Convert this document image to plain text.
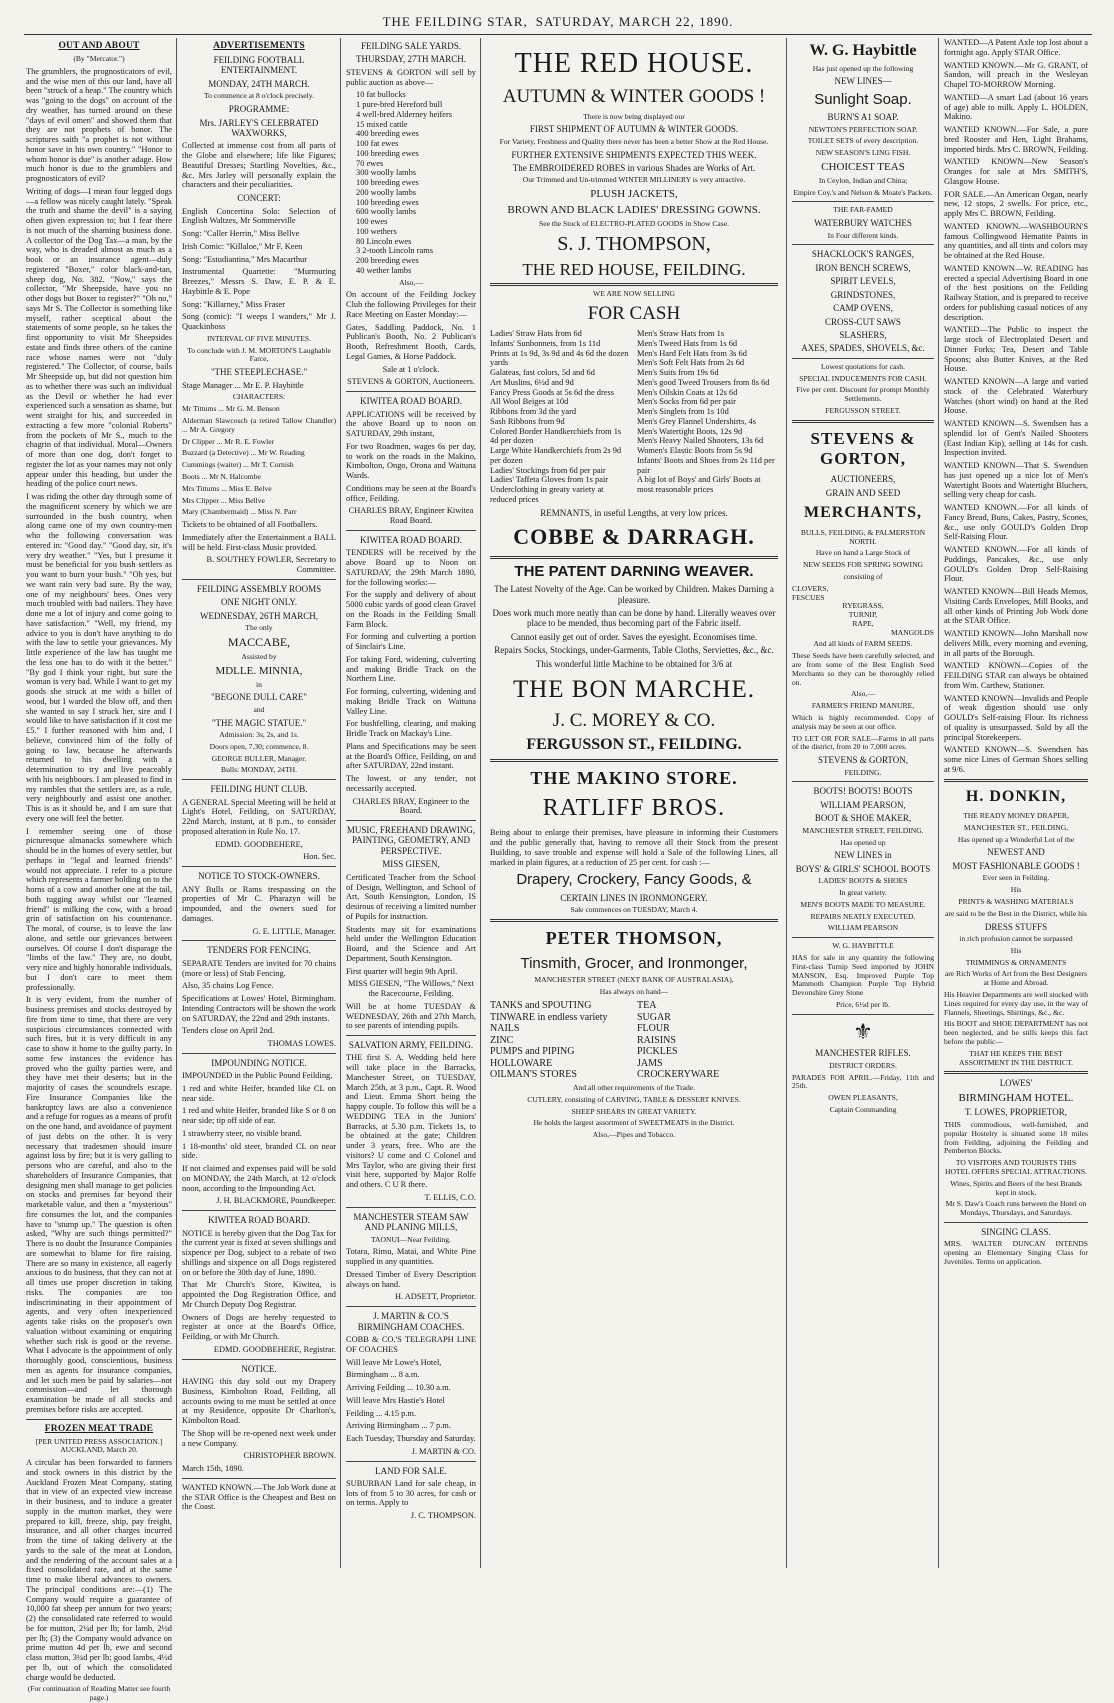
THE FEILDING STAR, SATURDAY, MARCH 22, 1890.
OUT AND ABOUT

(By "Mercator.")

The grumblers, the prognosticators of evil, and the wise men of this our land, have all been "struck of a heap." The country which was "going to the dogs" on account of the dry weather, has turned around on these "days of evil omen" and showed them that they are not prophets of honor. The scriptures saith "a prophet is not without honor save in his own country." "Honor to whom honor is due" is another adage. How much honor is due to the grumblers and prognosticators of evil?

Writing of dogs—I mean four legged dogs—a fellow was nicely caught lately. "Speak the truth and shame the devil" is a saying often given expression to; but I fear there is not much of the shaming business done. A collector of the Dog Tax—a man, by the way, who is dreaded almost as much as a book or an insurance agent—duly registered "Boxer," color black-and-tan, sheep dog, No. 382. "Now," says the collector, "Mr Sheepside, have you no other dogs but Boxer to register?" "Oh no," says Mr S. The Collector is something like myself, rather sceptical about the statements of some people, so he takes the first opportunity to visit Mr Sheepsides estate and finds three others of the canine race whose names were not "duly registered." The Collector, of course, bails Mr Sheepside up, but did not question him as to whether there was such an individual as the Devil or whether he had ever experienced such a sensation as shame, but went straight for his, and succeeded in extracting a few more "colonial Roberts" from the pockets of Mr S., much to the chagrin of that individual. Moral—Owners of more than one dog, don't forget to register the lot as your names may not only appear under this heading, but under the heading of the police court news.

I was riding the other day through some of the magnificent scenery by which we are surrounded in the bush country, when along came one of my own country-men who the following conversation was entered in: "Good day." "Good day, sir, it's very dry weather." "Yes, but I presume it must be beneficial for you bush settlers as you want to burn your bush." "Oh yes, but we want rain very bad sure. By the way, one of my neighbours' bees. Ones very much troubled with bad nailers. They have done me a lot of injury and come going to have satisfaction." "Well, my friend, my advice to you is don't have anything to do with the law to settle your grievances. My little experience of the law has taught me the less one has to do with it the better." "By god I think your right, but sure the woman is very bad. While I want to get my goods she struck at me with a billet of wood, but I warded the blow off, and then she wanted to say I struck her, sire and I would like to have satisfaction if it cost me £5." I further reasoned with him and, I believe, convinced him of the folly of going to law, because he afterwards returned to his dwelling with a determination to try and live peaceably with his neighbours. I am pleased to find in my rambles that the settlers are, as a rule, very neighbourly and assist one another. This is as it should be, and I am sure that every one will feel the better.

I remember seeing one of those picturesque almanacks somewhere which should be in the homes of every settler, but perhaps in "legal and learned friends" would not appreciate. I refer to a picture which represents a farmer holding on to the horns of a cow and another one at the tail, both tugging away whilst our "learned friend" is milking the cow, with a broad grin of satisfaction on his countenance. The moral, of course, is to leave the law alone, and settle our grievances between ourselves. Of course I don't disparage the "limbs of the law." They are, no doubt, very nice and highly honorable individuals, but I don't care to meet them professionally.

It is very evident, from the number of business premises and stocks destroyed by fire from time to time, that there are very suspicious circumstances connected with such fires, but it is very difficult in any case to show it home to the guilty party. In some few instances the evidence has proved who the guilty parties were, and they have met their deserts; but in the majority of cases the scoundrels escape. Fire Insurance Companies like the bankruptcy laws are also a convenience and a refuge for rogues as a means of profit on the one hand, and avoidance of payment of just debts on the other. It is very necessary that tradesmen should insure against loss by fire; but it is very galling to persons who are careful, and also to the shareholders of Insurance Companies, that designing men shall manage to get policies on stocks and premises far beyond their marketable value, and then a "mysterious" fire consumes the lot, and the companies have to "stump up." The question is often asked, "Why are such things permitted?" There is no doubt the Insurance Companies are somewhat to blame for fire raising. There are so many in existence, all eagerly anxious to do business, that they can not at all times use proper discretion in taking risks. The companies are too indiscriminating in their appointment of agents, and very often inexperienced agents take risks on the proposer's own valuation without examining or enquiring whether such risk is good or the reverse. What I advocate is the appointment of only thoroughly good, conscientious, business men as agents for insurance companies, and let such men be paid by salaries—not commission—and let thorough examination be made of all stocks and premises before risks are accepted.

FROZEN MEAT TRADE

[PER UNITED PRESS ASSOCIATION.] AUCKLAND, March 20.

A circular has been forwarded to farmers and stock owners in this district by the Auckland Frozen Meat Company, stating that in view of an expected view increase in their business, and to induce a greater supply in the mutton market, they were prepared to kill, freeze, ship, pay freight, insurance, and all other charges incurred from the time of taking delivery at the yards to the sale of the meat at London, and the rendering of the account sales at a fixed consolidated rate, and at the same time to make liberal advances to owners. The principal conditions are:—(1) The Company would require a guarantee of 10,000 fat sheep per annum for two years; (2) the consolidated rate referred to would be for mutton, 2¼d per lb; for lamb, 2½d per lb; (3) the Company would advance on prime mutton 4d per lb, ewe and second class mutton, 3¼d per lb; good lambs, 4½d per lb, out of which the consolidated charge would be deducted.

(For continuation of Reading Matter see fourth page.)

ADVERTISEMENTS
FEILDING FOOTBALL ENTERTAINMENT.
MONDAY, 24TH MARCH.
To commence at 8 o'clock precisely.
PROGRAMME:
Mrs. JARLEY'S CELEBRATED WAXWORKS,

Collected at immense cost from all parts of the Globe and elsewhere; life like Figures; Beautiful Dresses; Startling Novelties, &c., &c. Mrs Jarley will personally explain the characters and their peculiarities.

CONCERT:

English Concertina Solo: Selection of English Waltzes, Mr Sommerville

Song: "Caller Herrin," Miss Bellve

Irish Comic: "Killaloe," Mr F. Keen

Song: "Estudiantina," Mrs Macarthur

Instrumental Quartette: "Murmuring Breezes," Messrs S. Daw, E. P. & E. Haybittle & E. Pope

Song: "Killarney," Miss Fraser

Song (comic): "I weeps I wanders," Mr J. Quackinboss

INTERVAL OF FIVE MINUTES.
To conclude with J. M. MORTON'S Laughable Farce,
"THE STEEPLECHASE."

Stage Manager ... Mr E. P. Haybittle

CHARACTERS:

Mr Tittums ... Mr G. M. Benson

Alderman Slawcosch (a retired Tallow Chandler) ... Mr A. Gregory

Dr Clipper ... Mr R. E. Fowler

Buzzard (a Detective) ... Mr W. Reading

Cummings (waiter) ... Mr T. Cornish

Boots ... Mr N. Halcombe

Mrs Tittums ... Miss E. Belve

Mrs Clipper ... Miss Bellve

Mary (Chambermaid) ... Miss N. Parr

Tickets to be obtained of all Footballers.

Immediately after the Entertainment a BALL will be held. First-class Music provided.

B. SOUTHEY FOWLER, Secretary to Committee.

FEILDING ASSEMBLY ROOMS
ONE NIGHT ONLY.
WEDNESDAY, 26TH MARCH,
The only
MACCABE,
Assisted by
MDLLE. MINNIA,
in
"BEGONE DULL CARE"
and
"THE MAGIC STATUE."
Admission: 3s, 2s, and 1s.
Doors open, 7.30; commence, 8.
GEORGE BULLER, Manager.
Bulls: MONDAY, 24TH.
FEILDING HUNT CLUB.

A GENERAL Special Meeting will be held at Light's Hotel, Feilding, on SATURDAY, 22nd March, instant, at 8 p.m., to consider proposed alteration in Rule No. 17.

EDMD. GOODBEHERE,

Hon. Sec.

NOTICE TO STOCK-OWNERS.

ANY Bulls or Rams trespassing on the properties of Mr C. Pharazyn will be impounded, and the owners sued for damages.

G. E. LITTLE, Manager.

TENDERS FOR FENCING.

SEPARATE Tenders are invited for 70 chains (more or less) of Stab Fencing.

Also, 35 chains Log Fence.

Specifications at Lowes' Hotel, Birmingham. Intending Contractors will be shown the work on SATURDAY, the 22nd and 29th instants.

Tenders close on April 2nd.

THOMAS LOWES.

IMPOUNDING NOTICE.

IMPOUNDED in the Public Pound Feilding,

1 red and white Heifer, branded like CL on near side.

1 red and white Heifer, branded like S or 8 on near side; tip off side of ear.

1 strawberry steer, no visible brand.

1 18-months' old steer, branded CL on near side.

If not claimed and expenses paid will be sold on MONDAY, the 24th March, at 12 o'clock noon, according to the Impounding Act.

J. H. BLACKMORE, Poundkeeper.

KIWITEA ROAD BOARD.

NOTICE is hereby given that the Dog Tax for the current year is fixed at seven shillings and sixpence per Dog, subject to a rebate of two shillings and sixpence on all Dogs registered on or before the 30th day of June, 1890.

That Mr Church's Store, Kiwitea, is appointed the Dog Registration Office, and Mr Church Deputy Dog Registrar.

Owners of Dogs are hereby requested to register at once at the Board's Office, Feilding, or with Mr Church.

EDMD. GOODBEHERE, Registrar.

NOTICE.

HAVING this day sold out my Drapery Business, Kimbolton Road, Feilding, all accounts owing to me must be settled at once at my Residence, opposite Dr Charlton's, Kimbolton Road.

The Shop will be re-opened next week under a new Company.

CHRISTOPHER BROWN.

March 15th, 1890.

WANTED KNOWN.—The Job Work done at the STAR Office is the Cheapest and Best on the Coast.

FEILDING SALE YARDS.
THURSDAY, 27TH MARCH.

STEVENS & GORTON will sell by public auction as above—

10 fat bullocks
1 pure-bred Hereford bull
4 well-bred Alderney heifers
15 mixed cattle
400 breeding ewes
100 fat ewes
100 breeding ewes
70 ewes
300 woolly lambs
100 breeding ewes
200 woolly lambs
100 breeding ewes
600 woolly lambs
100 ewes
100 wethers
80 Lincoln ewes
3 2-tooth Lincoln rams
200 breeding ewes
40 wether lambs
Also,—

On account of the Feilding Jockey Club the following Privileges for their Race Meeting on Easter Monday:—

Gates, Saddling Paddock, No. 1 Publican's Booth, No. 2 Publican's Booth, Refreshment Booth, Cards, Legal Games, & Horse Paddock.

Sale at 1 o'clock.

STEVENS & GORTON, Auctioneers.

KIWITEA ROAD BOARD.

APPLICATIONS will be received by the above Board up to noon on SATURDAY, 29th instant,

For two Roadmen, wages 6s per day, to work on the roads in the Makino, Kimbolton, Ongo, Orona and Waituna Wards.

Conditions may be seen at the Board's office, Feilding.

CHARLES BRAY, Engineer Kiwitea Road Board.

KIWITEA ROAD BOARD.

TENDERS will be received by the above Board up to Noon on SATURDAY, the 29th March 1890, for the following works:—

For the supply and delivery of about 5000 cubic yards of good clean Gravel on the Roads in the Feilding Small Farm Block.

For forming and culverting a portion of Sinclair's Line.

For taking Ford, widening, culverting and making Bridle Track on the Northern Line.

For forming, culverting, widening and making Bridle Track on Waituna Valley Line.

For bushfelling, clearing, and making Bridle Track on Mackay's Line.

Plans and Specifications may be seen at the Board's Office, Feilding, on and after SATURDAY, 22nd instant.

The lowest, or any tender, not necessarily accepted.

CHARLES BRAY, Engineer to the Board.

MUSIC, FREEHAND DRAWING, PAINTING, GEOMETRY, AND PERSPECTIVE.
MISS GIESEN,

Certificated Teacher from the School of Design, Wellington, and School of Art, South Kensington, London, IS desirous of receiving a limited number of Pupils for instruction.

Students may sit for examinations held under the Wellington Education Board, and the Science and Art Department, South Kensington.

First quarter will begin 9th April.

MISS GIESEN, "The Willows," Next the Racecourse, Feilding.

Will be at home TUESDAY & WEDNESDAY, 26th and 27th March, to see parents of intending pupils.

SALVATION ARMY, FEILDING.

THE first S. A. Wedding held here will take place in the Barracks, Manchester Street, on TUESDAY, March 25th, at 3 p.m., Capt. R. Wood and Lieut. Emma Short being the happy couple. To follow this will be a WEDDING TEA in the Juniors' Barracks, at 5.30 p.m. Tickets 1s, to be obtained at the gate; Children under 3 years, free. Who are the visitors? U come and C Colonel and Mrs Taylor, who are giving their first visit here, supported by Major Rolfe and others. C U R there.

T. ELLIS, C.O.

MANCHESTER STEAM SAW AND PLANING MILLS,
TAONUI—Near Feilding.

Totara, Rimu, Matai, and White Pine supplied in any quantities.

Dressed Timber of Every Description always on hand.

H. ADSETT, Proprietor.

J. MARTIN & CO.'S BIRMINGHAM COACHES.

COBB & CO.'S TELEGRAPH LINE OF COACHES

Will leave Mr Lowe's Hotel,

Birmingham ... 8 a.m.

Arriving Feilding ... 10.30 a.m.

Will leave Mrs Hastie's Hotel

Feilding ... 4.15 p.m.

Arriving Birmingham ... 7 p.m.

Each Tuesday, Thursday and Saturday.

J. MARTIN & CO.

LAND FOR SALE.

SUBURBAN Land for sale cheap, in lots of from 5 to 30 acres, for cash or on terms. Apply to

J. C. THOMPSON.

THE RED HOUSE.
AUTUMN & WINTER GOODS !
There is now being displayed our
FIRST SHIPMENT OF AUTUMN & WINTER GOODS.
For Variety, Freshness and Quality there never has been a better Show at the Red House.
FURTHER EXTENSIVE SHIPMENTS EXPECTED THIS WEEK.
The EMBROIDERED ROBES in various Shades are Works of Art.
Our Trimmed and Un-trimmed WINTER MILLINERY is very attractive.
PLUSH JACKETS,
BROWN AND BLACK LADIES' DRESSING GOWNS.
See the Stock of ELECTRO-PLATED GOODS in Show Case.
S. J. THOMPSON,
THE RED HOUSE, FEILDING.
WE ARE NOW SELLING
FOR CASH
Ladies' Straw Hats from 6d
Infants' Sunbonnets, from 1s 11d
Prints at 1s 9d, 3s 9d and 4s 6d the dozen yards
Galateas, fast colors, 5d and 6d
Art Muslins, 6½d and 9d
Fancy Press Goods at 5s 6d the dress
All Wool Beiges at 10d
Ribbons from 3d the yard
Sash Ribbons from 9d
Colored Border Handkerchiefs from 1s 4d per dozen
Large White Handkerchiefs from 2s 9d per dozen
Ladies' Stockings from 6d per pair
Ladies' Taffeta Gloves from 1s pair
Underclothing in greaty variety at reduced prices
Men's Straw Hats from 1s
Men's Tweed Hats from 1s 6d
Men's Hard Felt Hats from 3s 6d
Men's Soft Felt Hats from 2s 6d
Men's Suits from 19s 6d
Men's good Tweed Trousers from 8s 6d
Men's Oilskin Coats at 12s 6d
Men's Socks from 6d per pair
Men's Singlets from 1s 10d
Men's Grey Flannel Undershirts, 4s
Men's Watertight Boots, 12s 9d
Men's Heavy Nailed Shooters, 13s 6d
Women's Elastic Boots from 5s 9d
Infants' Boots and Shoes from 2s 11d per pair
A big lot of Boys' and Girls' Boots at most reasonable prices
REMNANTS, in useful Lengths, at very low prices.
COBBE & DARRAGH.
THE PATENT DARNING WEAVER.
The Latest Novelty of the Age. Can be worked by Children. Makes Darning a pleasure.
Does work much more neatly than can be done by hand. Literally weaves over place to be mended, thus becoming part of the Fabric itself.
Cannot easily get out of order. Saves the eyesight. Economises time.
Repairs Socks, Stockings, under-Garments, Table Cloths, Serviettes, &c., &c.
This wonderful little Machine to be obtained for 3/6 at
THE BON MARCHE.
J. C. MOREY & CO.
FERGUSSON ST., FEILDING.
THE MAKINO STORE.
RATLIFF BROS.

Being about to enlarge their premises, have pleasure in informing their Customers and the public generally that, having to remove all their Stock from the present Building, to save trouble and expense will hold a Sale of the following Lines, all marked in plain figures, at a reduction of 25 per cent. for cash :—

Drapery, Crockery, Fancy Goods, &
CERTAIN LINES IN IRONMONGERY.
Sale commences on TUESDAY, March 4.
PETER THOMSON,
Tinsmith, Grocer, and Ironmonger,
MANCHESTER STREET (NEXT BANK OF AUSTRALASIA),
Has always on hand—
TANKS and SPOUTING
TINWARE in endless variety
NAILS
ZINC
PUMPS and PIPING
HOLLOWARE
OILMAN'S STORES
TEA
SUGAR
FLOUR
RAISINS
PICKLES
JAMS
CROCKERYWARE
And all other requirements of the Trade.
CUTLERY, consisting of CARVING, TABLE & DESSERT KNIVES.
SHEEP SHEARS IN GREAT VARIETY.
He holds the largest assortment of SWEETMEATS in the District.
Also,—Pipes and Tobacco.
W. G. Haybittle
Has just opened up the following
NEW LINES—
Sunlight Soap.
BURN'S A1 SOAP.
NEWTON'S PERFECTION SOAP.
TOILET SETS of every description.
NEW SEASON'S LING FISH.
CHOICEST TEAS
In Ceylon, Indian and China;
Empire Coy.'s and Nelson & Moate's Packets.
THE FAR-FAMED
WATERBURY WATCHES
In Four different kinds.
SHACKLOCK'S RANGES,
IRON BENCH SCREWS,
SPIRIT LEVELS,
GRINDSTONES,
CAMP OVENS,
CROSS-CUT SAWS
SLASHERS,
AXES, SPADES, SHOVELS, &c.
Lowest quotations for cash.
SPECIAL INDUCEMENTS FOR CASH.
Five per cent. Discount for prompt Monthly Settlements.
FERGUSSON STREET.
STEVENS & GORTON,
AUCTIONEERS,
GRAIN AND SEED
MERCHANTS,
BULLS, FEILDING, & PALMERSTON NORTH.
Have on hand a Large Stock of
NEW SEEDS FOR SPRING SOWING
consisting of
CLOVERS,
FESCUES
RYEGRASS,
TURNIP,
RAPE,
MANGOLDS
And all kinds of FARM SEEDS.

These Seeds have been carefully selected, and are from some of the Best English Seed Merchants so they can be thoroughly relied on.

Also,—
FARMER'S FRIEND MANURE,

Which is highly recommended. Copy of analysis may be seen at our office.

TO LET OR FOR SALE—Farms in all parts of the district, from 20 to 7,000 acres.

STEVENS & GORTON,
FEILDING.
BOOTS! BOOTS! BOOTS
WILLIAM PEARSON,
BOOT & SHOE MAKER,
MANCHESTER STREET, FEILDING.
Has opened up
NEW LINES in
BOYS' & GIRLS' SCHOOL BOOTS
LADIES' BOOTS & SHOES
In great variety.
MEN'S BOOTS MADE TO MEASURE.
REPAIRS NEATLY EXECUTED.
WILLIAM PEARSON
W. G. HAYBITTLE

HAS for sale in any quantity the following First-class Turnip Seed imported by JOHN MANSON, Esq. Improved Purple Top Mammoth Champion Purple Top Hybrid Devonshire Grey Stone

Price, 6½d per lb.
⚜
MANCHESTER RIFLES.
DISTRICT ORDERS.

PARADES FOR APRIL.—Friday, 11th and 25th.

OWEN PLEASANTS,
Captain Commanding

WANTED—A Patent Axle top lost about a fortnight ago. Apply STAR Office.

WANTED KNOWN.—Mr G. GRANT, of Sandon, will preach in the Wesleyan Chapel TO-MORROW Morning.

WANTED—A smart Lad (about 16 years of age) able to milk. Apply L. HOLDEN, Makino.

WANTED KNOWN.—For Sale, a pure bred Rooster and Hen, Light Brahams, imported birds. Mrs C. BROWN, Feilding.

WANTED KNOWN—New Season's Oranges for sale at Mrs SMITH'S, Glasgow House.

FOR SALE.—An American Organ, nearly new, 12 stops, 2 swells. For price, etc., apply Mrs C. BROWN, Feilding.

WANTED KNOWN.—WASHBOURN'S famous Collingwood Hematite Paints in any quantities, and all tints and colors may be obtained at the Red House.

WANTED KNOWN—W. READING has erected a special Advertising Board in one of the best positions on the Feilding Railway Station, and is prepared to receive orders for publishing casual notices of any description.

WANTED—The Public to inspect the large stock of Electroplated Desert and Dinner Forks; Tea, Desert and Table Spoons; also Butter Knives, at the Red House.

WANTED KNOWN—A large and varied stock of the Celebrated Waterbury Watches (short wind) on hand at the Red House.

WANTED KNOWN—S. Swendsen has a splendid lot of Gent's Nailed Shooters (East Indian Kip), selling at 14s for cash. Inspection invited.

WANTED KNOWN—That S. Swendsen has just opened up a nice lot of Men's Watertight Boots and Watertight Bluchers, selling very cheap for cash.

WANTED KNOWN.—For all kinds of Fancy Bread, Buns, Cakes, Pastry, Scones, &c., use only GOULD's Golden Drop Self-Raising Flour.

WANTED KNOWN.—For all kinds of Puddings, Pancakes, &c., use only GOULD's Golden Drop Self-Raising Flour.

WANTED KNOWN—Bill Heads Memos, Visiting Cards Envelopes, Mill Books, and all other kinds of Printing Job Work done at the STAR Office.

WANTED KNOWN—John Marshall now delivers Milk, every morning and evening, in all parts of the Borough.

WANTED KNOWN—Copies of the FEILDING STAR can always be obtained from Wm. Carthew, Stationer.

WANTED KNOWN—Invalids and People of weak digestion should use only GOULD's Self-raising Flour. Its richness of quality is unsurpassed. Sold by all the principal Storekeepers.

WANTED KNOWN—S. Swendsen has some nice Lines of German Shoes selling at 9/6.

H. DONKIN,
THE READY MONEY DRAPER,
MANCHESTER ST., FEILDING,
Has opened up a Wonderful Lot of the
NEWEST AND
MOST FASHIONABLE GOODS !
Ever seen in Feilding.
His
PRINTS & WASHING MATERIALS
are said to be the Best in the District, while his
DRESS STUFFS
in rich profusion cannot be surpassed
His
TRIMMINGS & ORNAMENTS
are Rich Works of Art from the Best Designers at Home and Abroad.

His Heavier Departments are well stocked with Lines required for every day use, in the way of Flannels, Sheetings, Shirtings, &c., &c.

His BOOT and SHOE DEPARTMENT has not been neglected, and he stills keeps this fact before the public—

THAT HE KEEPS THE BEST ASSORTMENT IN THE DISTRICT.
LOWES'
BIRMINGHAM HOTEL.
T. LOWES, PROPRIETOR,

THIS commodious, well-furnished, and popular Hostelry is situated some 18 miles from Feilding, adjoining the Feilding and Pemberton Blocks.

TO VISITORS AND TOURISTS THIS HOTEL OFFERS SPECIAL ATTRACTIONS.
Wines, Spirits and Beers of the best Brands kept in stock.
Mr S. Daw's Coach runs between the Hotel on Mondays, Thursdays, and Saturdays.
SINGING CLASS.

MRS. WALTER DUNCAN INTENDS opening an Elementary Singing Class for Juveniles. Terms on application.
